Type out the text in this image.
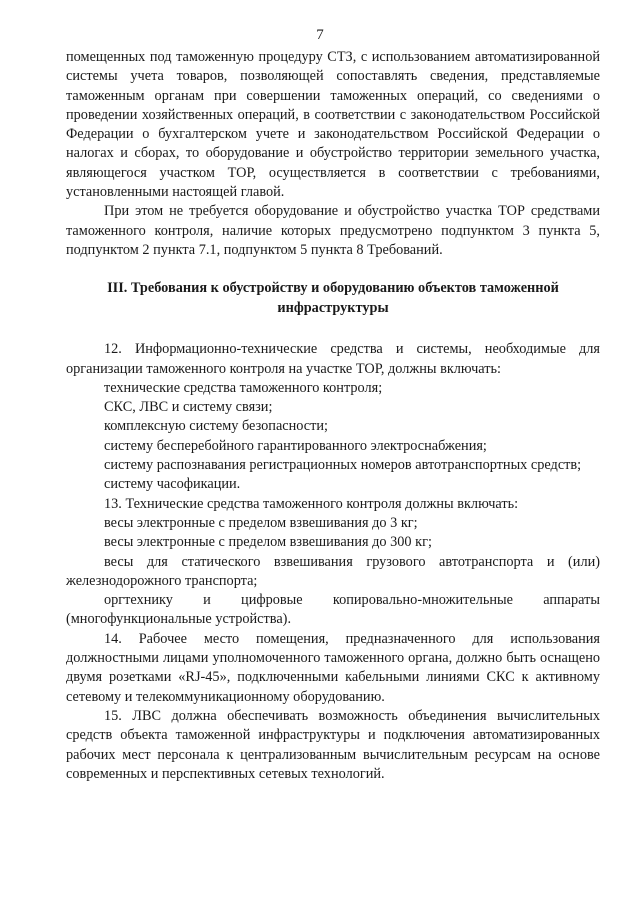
7

помещенных под таможенную процедуру СТЗ, с использованием автоматизированной системы учета товаров, позволяющей сопоставлять сведения, представляемые таможенным органам при совершении таможенных операций, со сведениями о проведении хозяйственных операций, в соответствии с законодательством Российской Федерации о бухгалтерском учете и законодательством Российской Федерации о налогах и сборах, то оборудование и обустройство территории земельного участка, являющегося участком ТОР, осуществляется в соответствии с требованиями, установленными настоящей главой.

При этом не требуется оборудование и обустройство участка ТОР средствами таможенного контроля, наличие которых предусмотрено подпунктом 3 пункта 5, подпунктом 2 пункта 7.1, подпунктом 5 пункта 8 Требований.

III. Требования к обустройству и оборудованию объектов таможенной инфраструктуры

12. Информационно-технические средства и системы, необходимые для организации таможенного контроля на участке ТОР, должны включать:

технические средства таможенного контроля;

СКС, ЛВС и систему связи;

комплексную систему безопасности;

систему бесперебойного гарантированного электроснабжения;

систему распознавания регистрационных номеров автотранспортных средств;

систему часофикации.

13. Технические средства таможенного контроля должны включать:

весы электронные с пределом взвешивания до 3 кг;

весы электронные с пределом взвешивания до 300 кг;

весы для статического взвешивания грузового автотранспорта и (или) железнодорожного транспорта;

оргтехнику и цифровые копировально-множительные аппараты (многофункциональные устройства).

14. Рабочее место помещения, предназначенного для использования должностными лицами уполномоченного таможенного органа, должно быть оснащено двумя розетками «RJ-45», подключенными кабельными линиями СКС к активному сетевому и телекоммуникационному оборудованию.

15. ЛВС должна обеспечивать возможность объединения вычислительных средств объекта таможенной инфраструктуры и подключения автоматизированных рабочих мест персонала к централизованным вычислительным ресурсам на основе современных и перспективных сетевых технологий.
